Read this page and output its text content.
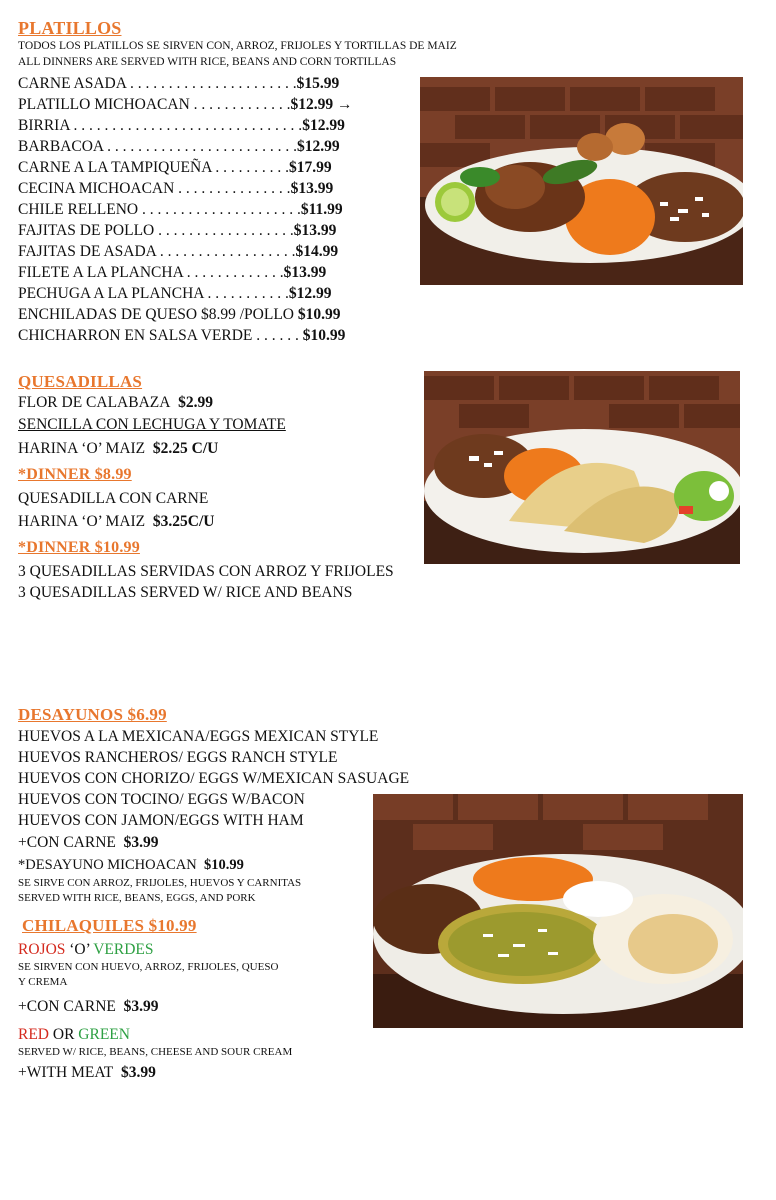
PLATILLOS
TODOS LOS PLATILLOS SE SIRVEN CON, ARROZ, FRIJOLES Y TORTILLAS DE MAIZ
ALL DINNERS ARE SERVED WITH RICE, BEANS AND CORN TORTILLAS
CARNE ASADA . . . . . . . . . . . . . . . . . . . . . .$15.99
PLATILLO MICHOACAN . . . . . . . . . . . . .$12.99 →
BIRRIA . . . . . . . . . . . . . . . . . . . . . . . . . . . . . .$12.99
BARBACOA . . . . . . . . . . . . . . . . . . . . . . . . .$12.99
CARNE A LA TAMPIQUEÑA . . . . . . . . . .$17.99
CECINA MICHOACAN . . . . . . . . . . . . . . .$13.99
CHILE RELLENO . . . . . . . . . . . . . . . . . . . . .$11.99
FAJITAS DE POLLO . . . . . . . . . . . . . . . . . .$13.99
FAJITAS DE ASADA . . . . . . . . . . . . . . . . . .$14.99
FILETE A LA PLANCHA . . . . . . . . . . . . .$13.99
PECHUGA A LA PLANCHA . . . . . . . . . . .$12.99
ENCHILADAS DE QUESO $8.99 /POLLO $10.99
CHICHARRON EN SALSA VERDE . . . . . . $10.99
QUESADILLAS
FLOR DE CALABAZA $2.99
SENCILLA CON LECHUGA Y TOMATE
HARINA ‘O’ MAIZ $2.25 C/U
*DINNER $8.99
QUESADILLA CON CARNE
HARINA ‘O’ MAIZ $3.25C/U
*DINNER $10.99
3 QUESADILLAS SERVIDAS CON ARROZ Y FRIJOLES
3 QUESADILLAS SERVED W/ RICE AND BEANS
DESAYUNOS $6.99
HUEVOS A LA MEXICANA/EGGS MEXICAN STYLE
HUEVOS RANCHEROS/ EGGS RANCH STYLE
HUEVOS CON CHORIZO/ EGGS W/MEXICAN SASUAGE
HUEVOS CON TOCINO/ EGGS W/BACON
HUEVOS CON JAMON/EGGS WITH HAM
+CON CARNE $3.99
*DESAYUNO MICHOACAN $10.99
SE SIRVE CON ARROZ, FRIJOLES, HUEVOS Y CARNITAS
SERVED WITH RICE, BEANS, EGGS, AND PORK
CHILAQUILES $10.99
ROJOS ‘O’ VERDES
SE SIRVEN CON HUEVO, ARROZ, FRIJOLES, QUESO
Y CREMA
+CON CARNE $3.99
RED OR GREEN
SERVED W/ RICE, BEANS, CHEESE AND SOUR CREAM
+WITH MEAT $3.99
